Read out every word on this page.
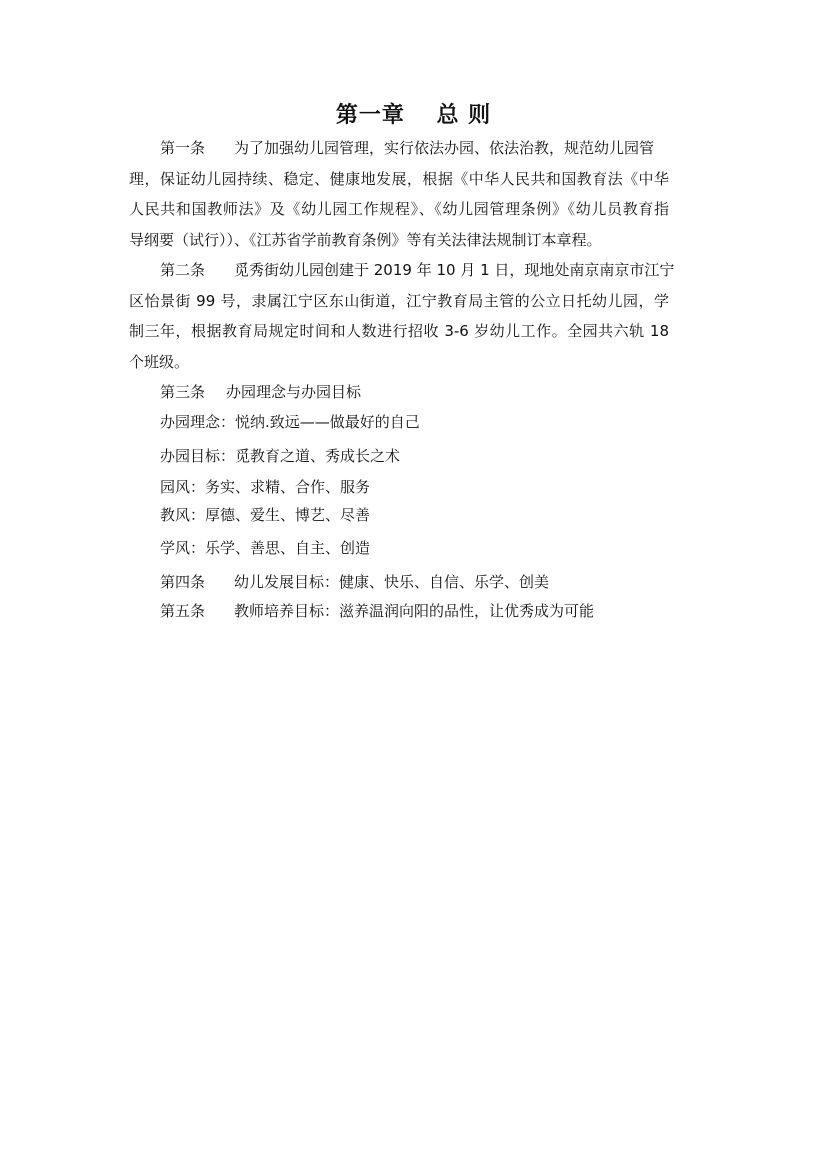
第一章　 总 则
第一条 为了加强幼儿园管理，实行依法办园、依法治教，规范幼儿园管
理，保证幼儿园持续、稳定、健康地发展，根据《中华人民共和国教育法《中华
人民共和国教师法》及《幼儿园工作规程》、《幼儿园管理条例》《幼儿员教育指
导纲要（试行））、《江苏省学前教育条例》等有关法律法规制订本章程。
第二条 觅秀街幼儿园创建于 2019 年 10 月 1 日，现地处南京南京市江宁
区怡景街 99 号，隶属江宁区东山街道，江宁教育局主管的公立日托幼儿园，学
制三年，根据教育局规定时间和人数进行招收 3-6 岁幼儿工作。全园共六轨 18
个班级。
第三条 办园理念与办园目标
办园理念：悦纳.致远——做最好的自己
办园目标：觅教育之道、秀成长之术
园风：务实、求精、合作、服务
教风：厚德、爱生、博艺、尽善
学风：乐学、善思、自主、创造
第四条 幼儿发展目标：健康、快乐、自信、乐学、创美
第五条 教师培养目标：滋养温润向阳的品性，让优秀成为可能
